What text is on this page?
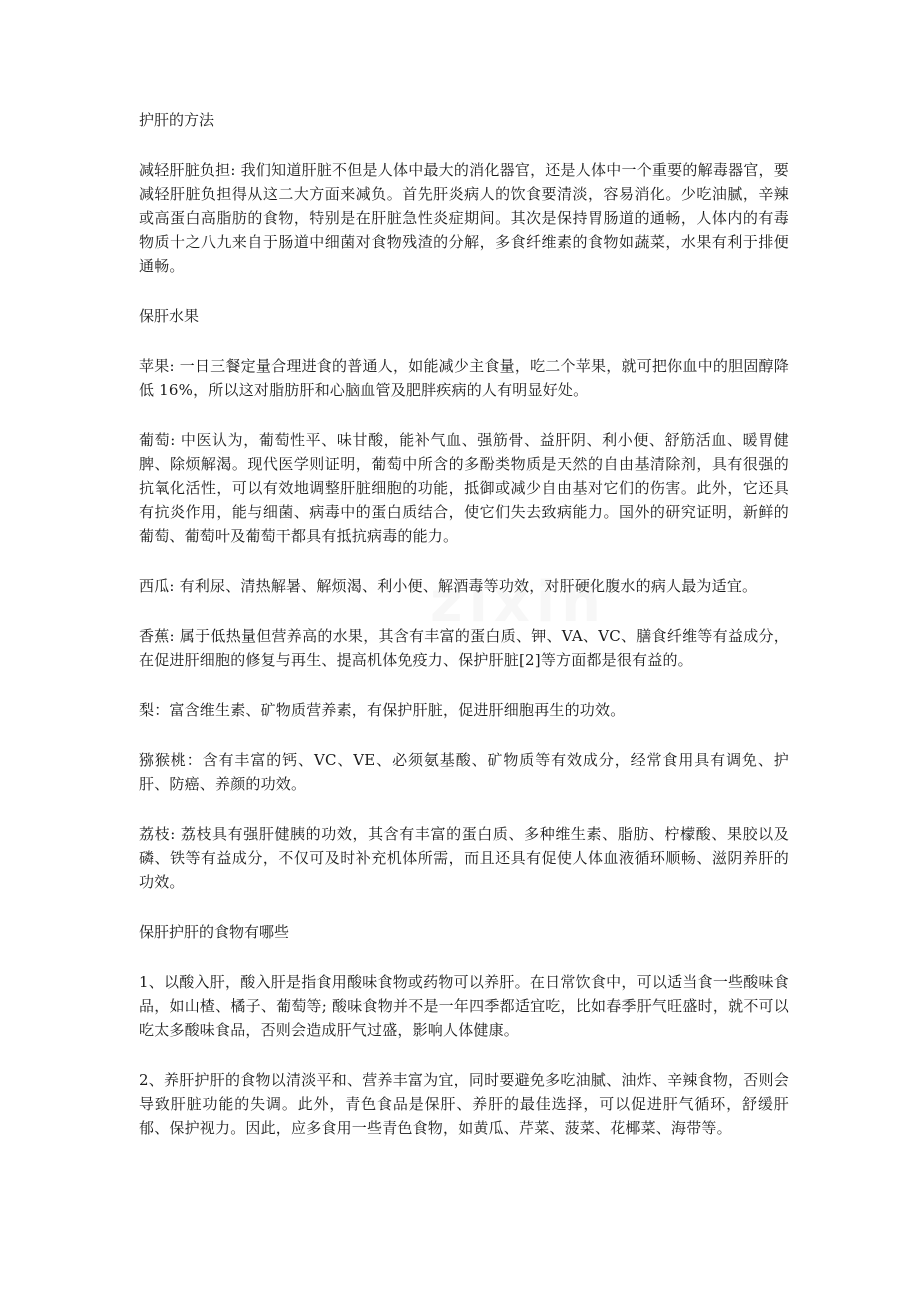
zixin

护肝的方法

减轻肝脏负担: 我们知道肝脏不但是人体中最大的消化器官，还是人体中一个重要的解毒器官，要减轻肝脏负担得从这二大方面来减负。首先肝炎病人的饮食要清淡，容易消化。少吃油腻，辛辣或高蛋白高脂肪的食物，特别是在肝脏急性炎症期间。其次是保持胃肠道的通畅，人体内的有毒物质十之八九来自于肠道中细菌对食物残渣的分解，多食纤维素的食物如蔬菜，水果有利于排便通畅。

保肝水果

苹果: 一日三餐定量合理进食的普通人，如能减少主食量，吃二个苹果，就可把你血中的胆固醇降低 16%，所以这对脂肪肝和心脑血管及肥胖疾病的人有明显好处。

葡萄: 中医认为，葡萄性平、味甘酸，能补气血、强筋骨、益肝阴、利小便、舒筋活血、暖胃健脾、除烦解渴。现代医学则证明，葡萄中所含的多酚类物质是天然的自由基清除剂，具有很强的抗氧化活性，可以有效地调整肝脏细胞的功能，抵御或减少自由基对它们的伤害。此外，它还具有抗炎作用，能与细菌、病毒中的蛋白质结合，使它们失去致病能力。国外的研究证明，新鲜的葡萄、葡萄叶及葡萄干都具有抵抗病毒的能力。

西瓜: 有利尿、清热解暑、解烦渴、利小便、解酒毒等功效，对肝硬化腹水的病人最为适宜。

香蕉: 属于低热量但营养高的水果，其含有丰富的蛋白质、钾、VA、VC、膳食纤维等有益成分，在促进肝细胞的修复与再生、提高机体免疫力、保护肝脏[2]等方面都是很有益的。

梨：富含维生素、矿物质营养素，有保护肝脏，促进肝细胞再生的功效。

猕猴桃：含有丰富的钙、VC、VE、必须氨基酸、矿物质等有效成分，经常食用具有调免、护肝、防癌、养颜的功效。

荔枝: 荔枝具有强肝健胰的功效，其含有丰富的蛋白质、多种维生素、脂肪、柠檬酸、果胶以及磷、铁等有益成分，不仅可及时补充机体所需，而且还具有促使人体血液循环顺畅、滋阴养肝的功效。

保肝护肝的食物有哪些

1、以酸入肝，酸入肝是指食用酸味食物或药物可以养肝。在日常饮食中，可以适当食一些酸味食品，如山楂、橘子、葡萄等; 酸味食物并不是一年四季都适宜吃，比如春季肝气旺盛时，就不可以吃太多酸味食品，否则会造成肝气过盛，影响人体健康。

2、养肝护肝的食物以清淡平和、营养丰富为宜，同时要避免多吃油腻、油炸、辛辣食物，否则会导致肝脏功能的失调。此外，青色食品是保肝、养肝的最佳选择，可以促进肝气循环，舒缓肝郁、保护视力。因此，应多食用一些青色食物，如黄瓜、芹菜、菠菜、花椰菜、海带等。
